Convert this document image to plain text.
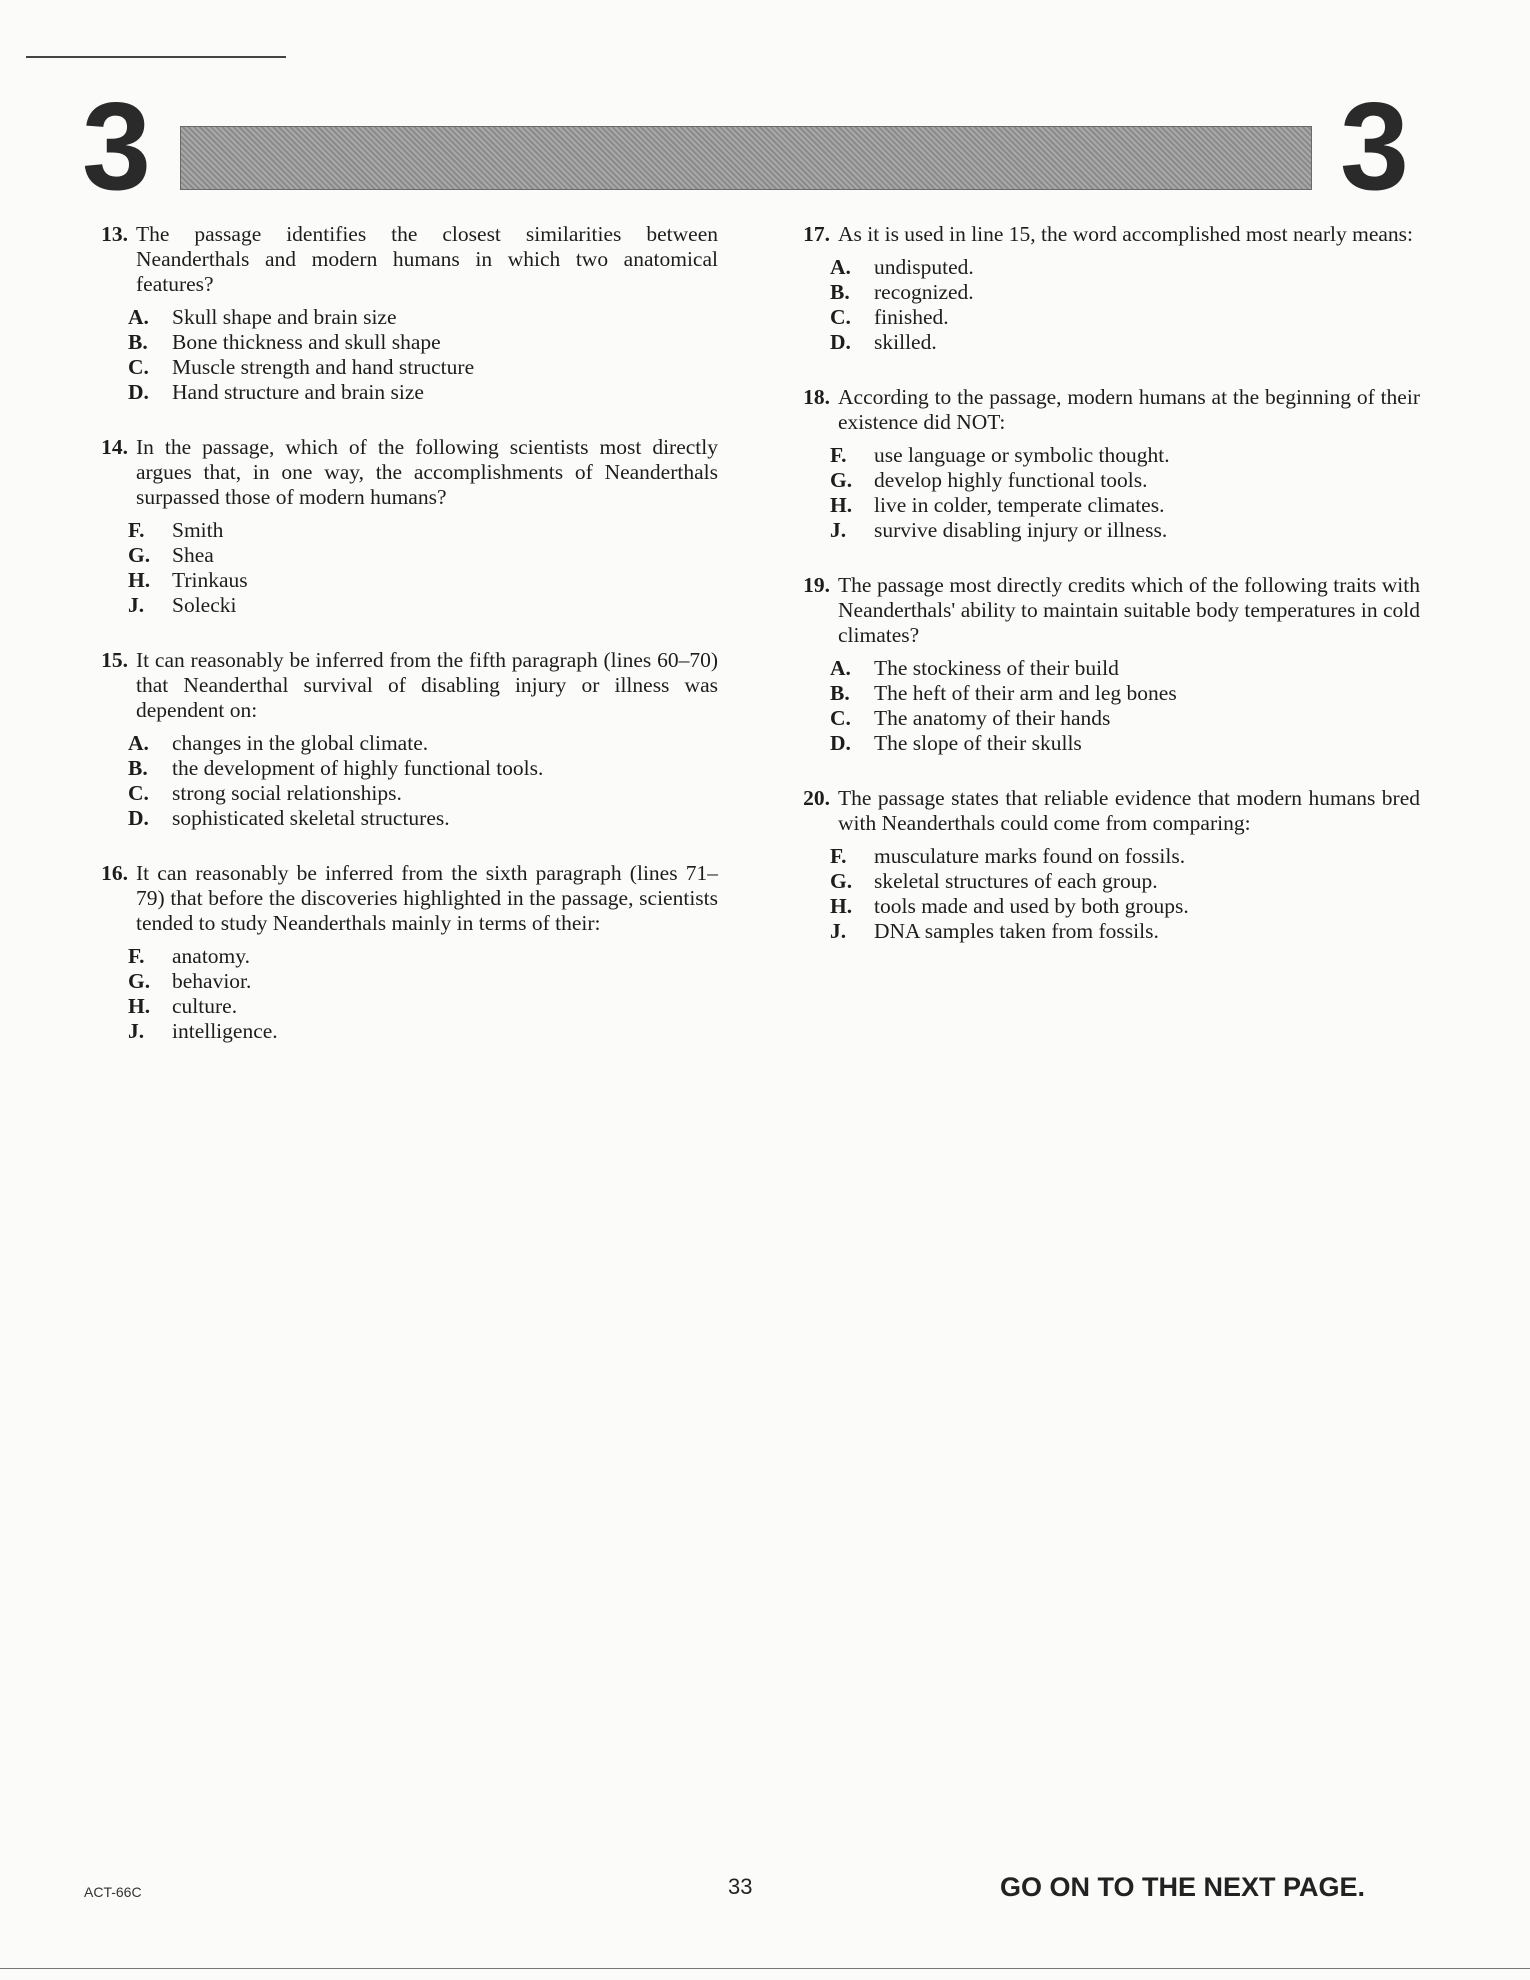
3	3
13. The passage identifies the closest similarities between Neanderthals and modern humans in which two anatomical features?
A.	Skull shape and brain size
B.	Bone thickness and skull shape
C.	Muscle strength and hand structure
D.	Hand structure and brain size
14. In the passage, which of the following scientists most directly argues that, in one way, the accomplishments of Neanderthals surpassed those of modern humans?
F.	Smith
G.	Shea
H.	Trinkaus
J.	Solecki
15. It can reasonably be inferred from the fifth paragraph (lines 60–70) that Neanderthal survival of disabling injury or illness was dependent on:
A.	changes in the global climate.
B.	the development of highly functional tools.
C.	strong social relationships.
D.	sophisticated skeletal structures.
16. It can reasonably be inferred from the sixth paragraph (lines 71–79) that before the discoveries highlighted in the passage, scientists tended to study Neanderthals mainly in terms of their:
F.	anatomy.
G.	behavior.
H.	culture.
J.	intelligence.
17. As it is used in line 15, the word accomplished most nearly means:
A.	undisputed.
B.	recognized.
C.	finished.
D.	skilled.
18. According to the passage, modern humans at the beginning of their existence did NOT:
F.	use language or symbolic thought.
G.	develop highly functional tools.
H.	live in colder, temperate climates.
J.	survive disabling injury or illness.
19. The passage most directly credits which of the following traits with Neanderthals' ability to maintain suitable body temperatures in cold climates?
A.	The stockiness of their build
B.	The heft of their arm and leg bones
C.	The anatomy of their hands
D.	The slope of their skulls
20. The passage states that reliable evidence that modern humans bred with Neanderthals could come from comparing:
F.	musculature marks found on fossils.
G.	skeletal structures of each group.
H.	tools made and used by both groups.
J.	DNA samples taken from fossils.
ACT-66C	33	GO ON TO THE NEXT PAGE.
